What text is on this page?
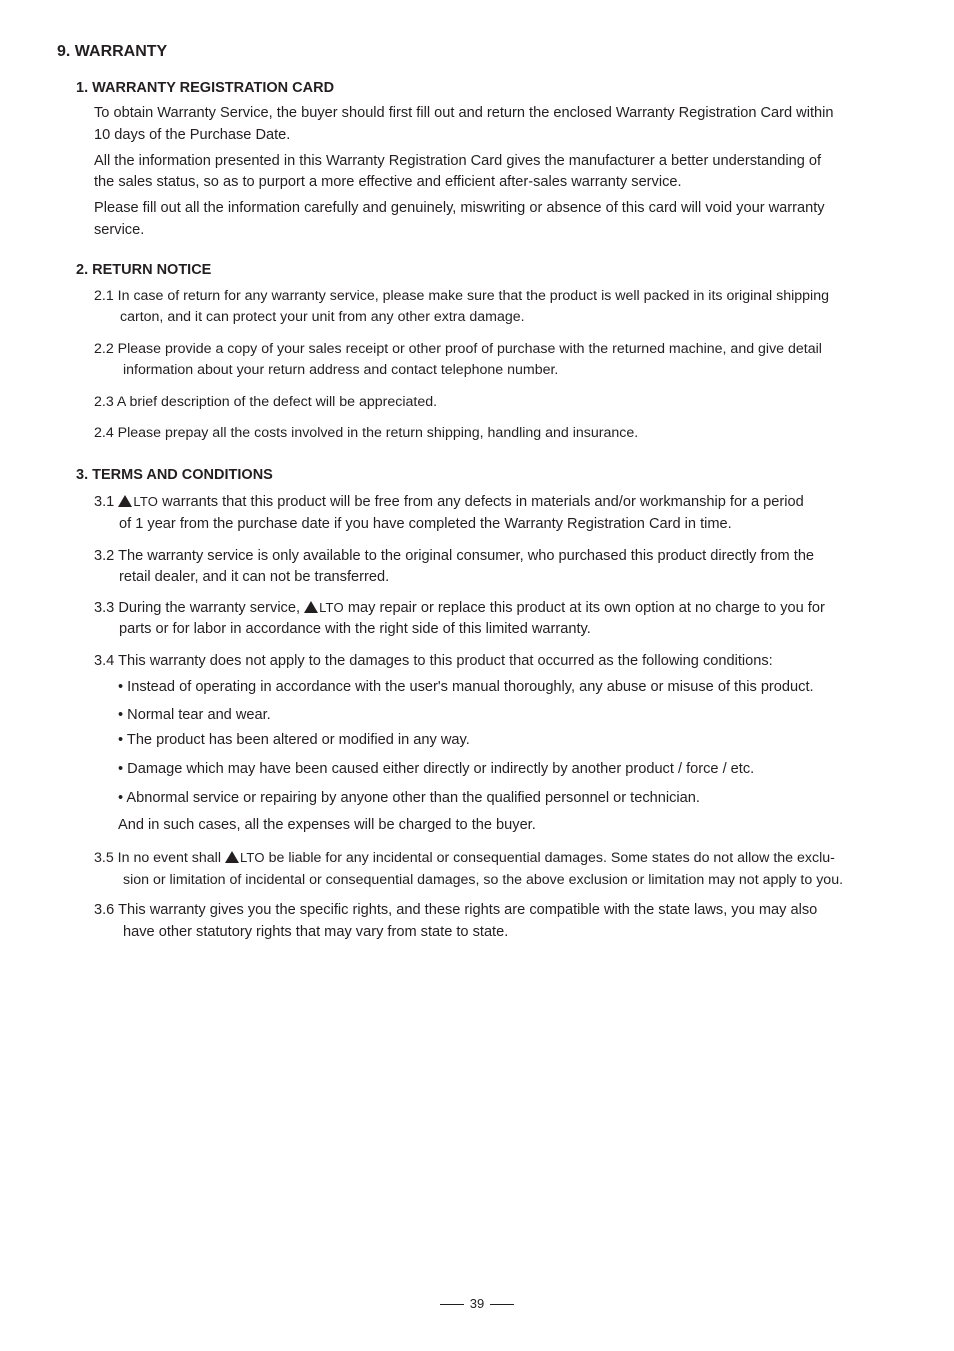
9. WARRANTY
1. WARRANTY REGISTRATION CARD
To obtain Warranty Service, the buyer should first fill out and return the enclosed Warranty Registration Card within
10 days of the Purchase Date.
All the information presented in this Warranty Registration Card gives the manufacturer a better understanding of
the sales status, so as to purport a more effective and efficient after-sales warranty service.
Please fill out all the information carefully and genuinely, miswriting or absence of this card will void your warranty
service.
2. RETURN NOTICE
2.1 In case of return for any warranty service, please make sure that the product is well packed in its original shipping
carton, and it can protect your unit from any other extra damage.
2.2 Please provide a copy of your sales receipt or other proof of purchase with the returned machine, and give detail
information about your return address and contact telephone number.
2.3 A brief description of the defect will be appreciated.
2.4 Please prepay all the costs involved in the return shipping, handling and insurance.
3. TERMS AND CONDITIONS
3.1 LTO warrants that this product will be free from any defects in materials and/or workmanship for a period
of 1 year from the purchase date if you have completed the Warranty Registration Card in time.
3.2 The warranty service is only available to the original consumer, who purchased this product directly from the
retail dealer, and it can not be transferred.
3.3 During the warranty service, LTO may repair or replace this product at its own option at no charge to you for
parts or for labor in accordance with the right side of this limited warranty.
3.4 This warranty does not apply to the damages to this product that occurred as the following conditions:
• Instead of operating in accordance with the user's manual thoroughly, any abuse or misuse of this product.
• Normal tear and wear.
• The product has been altered or modified in any way.
• Damage which may have been caused either directly or indirectly by another product / force / etc.
• Abnormal service or repairing by anyone other than the qualified personnel or technician.
And in such cases, all the expenses will be charged to the buyer.
3.5 In no event shall LTO be liable for any incidental or consequential damages. Some states do not allow the exclu-
sion or limitation of incidental or consequential damages, so the above exclusion or limitation may not apply to you.
3.6 This warranty gives you the specific rights, and these rights are compatible with the state laws, you may also
have other statutory rights that may vary from state to state.
39
